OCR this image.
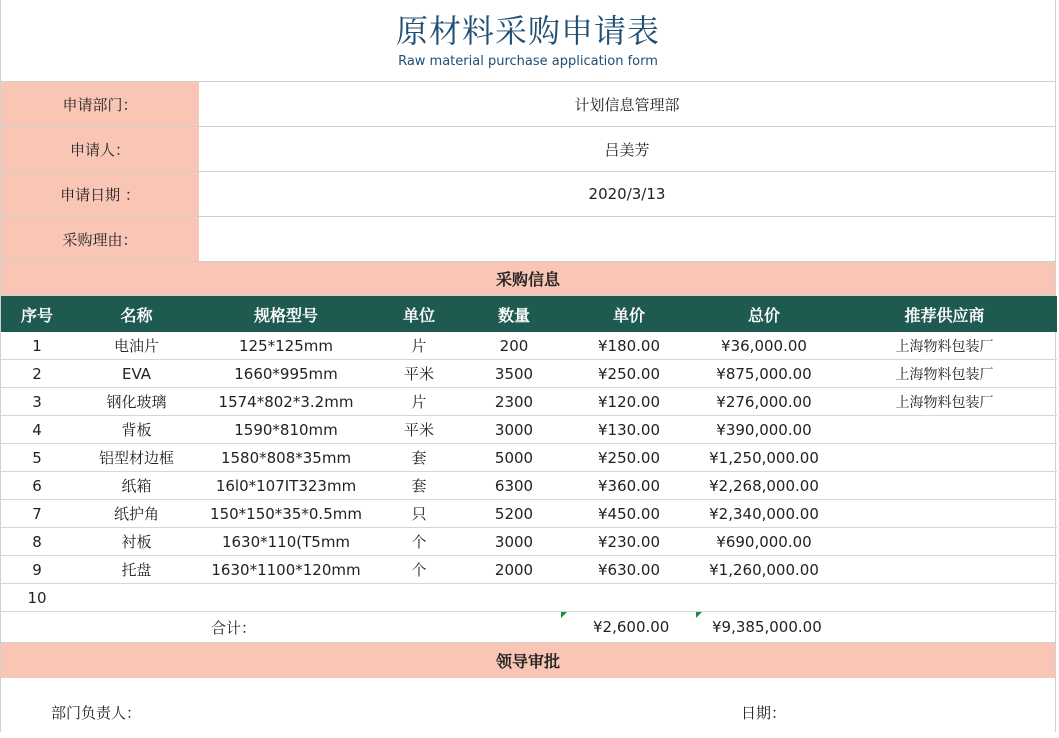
原材料采购申请表
Raw material purchase application form
申请部门：	计划信息管理部
申请人：	吕美芳
申请日期 ：	2020/3/13
采购理由：
采购信息
序号	名称	规格型号	单位	数量	单价	总价	推荐供应商
1	电油片	125*125mm	片	200	¥180.00	¥36,000.00	上海物料包装厂
2	EVA	1660*995mm	平米	3500	¥250.00	¥875,000.00	上海物料包装厂
3	钢化玻璃	1574*802*3.2mm	片	2300	¥120.00	¥276,000.00	上海物料包装厂
4	背板	1590*810mm	平米	3000	¥130.00	¥390,000.00	
5	铝型材边框	1580*808*35mm	套	5000	¥250.00	¥1,250,000.00	
6	纸箱	16l0*107IT323mm	套	6300	¥360.00	¥2,268,000.00	
7	纸护角	150*150*35*0.5mm	只	5200	¥450.00	¥2,340,000.00	
8	衬板	1630*110(T5mm	个	3000	¥230.00	¥690,000.00	
9	托盘	1630*1100*120mm	个	2000	¥630.00	¥1,260,000.00	
10							
合计：	¥2,600.00	¥9,385,000.00
领导审批
部门负责人：	日期：
